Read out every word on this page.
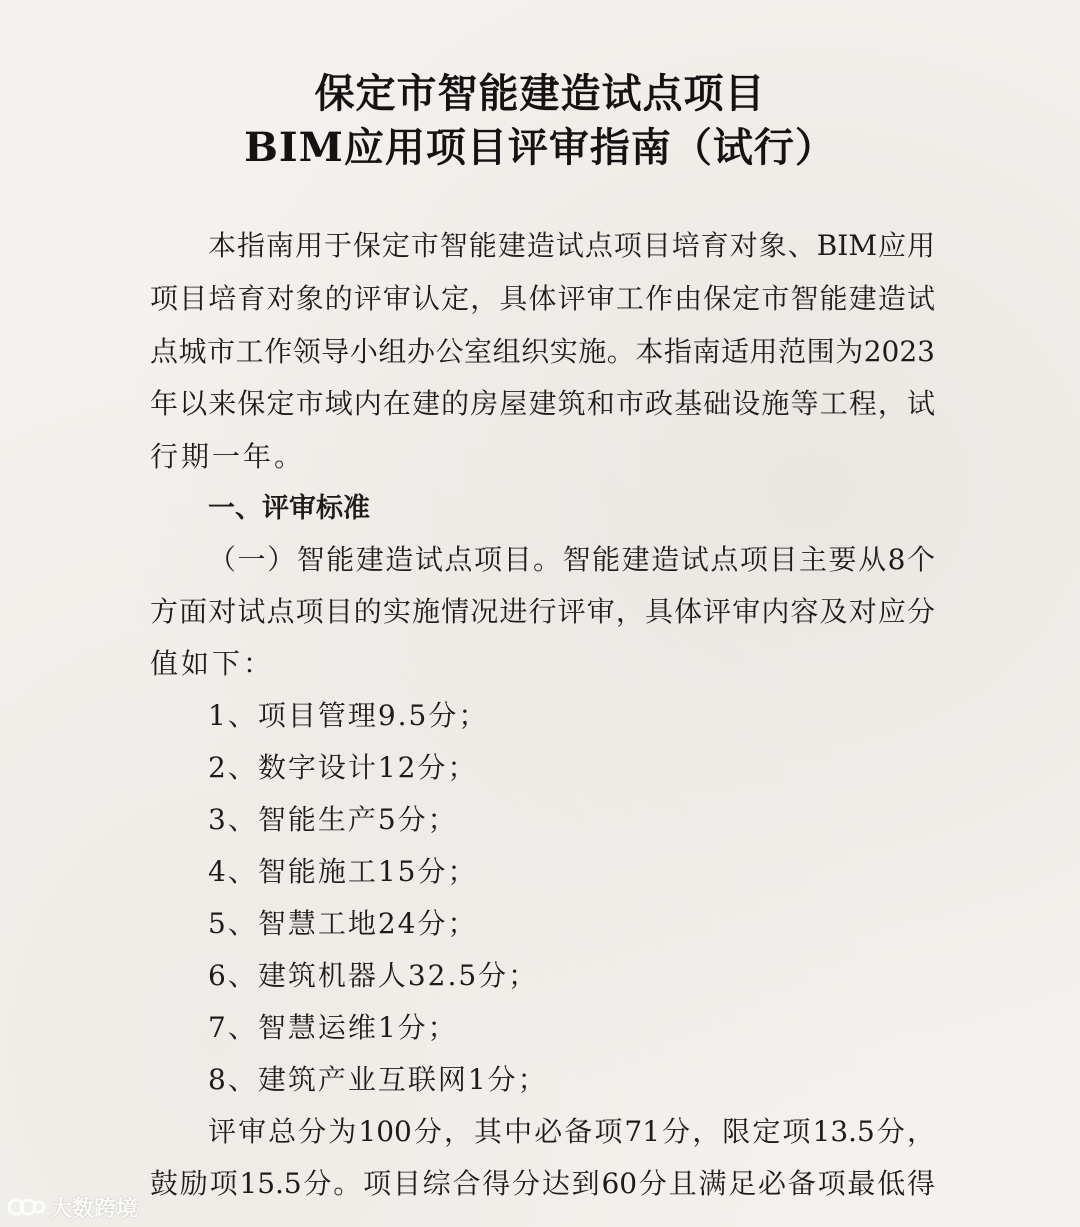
保定市智能建造试点项目
BIM应用项目评审指南（试行）
本指南用于保定市智能建造试点项目培育对象、BIM应用
项目培育对象的评审认定，具体评审工作由保定市智能建造试
点城市工作领导小组办公室组织实施。本指南适用范围为2023
年以来保定市域内在建的房屋建筑和市政基础设施等工程，试
行期一年。
一、评审标准
（一）智能建造试点项目。智能建造试点项目主要从8个
方面对试点项目的实施情况进行评审，具体评审内容及对应分
值如下：
1、项目管理9.5分；
2、数字设计12分；
3、智能生产5分；
4、智能施工15分；
5、智慧工地24分；
6、建筑机器人32.5分；
7、智慧运维1分；
8、建筑产业互联网1分；
评审总分为100分，其中必备项71分，限定项13.5分，
鼓励项15.5分。项目综合得分达到60分且满足必备项最低得
大数跨境
